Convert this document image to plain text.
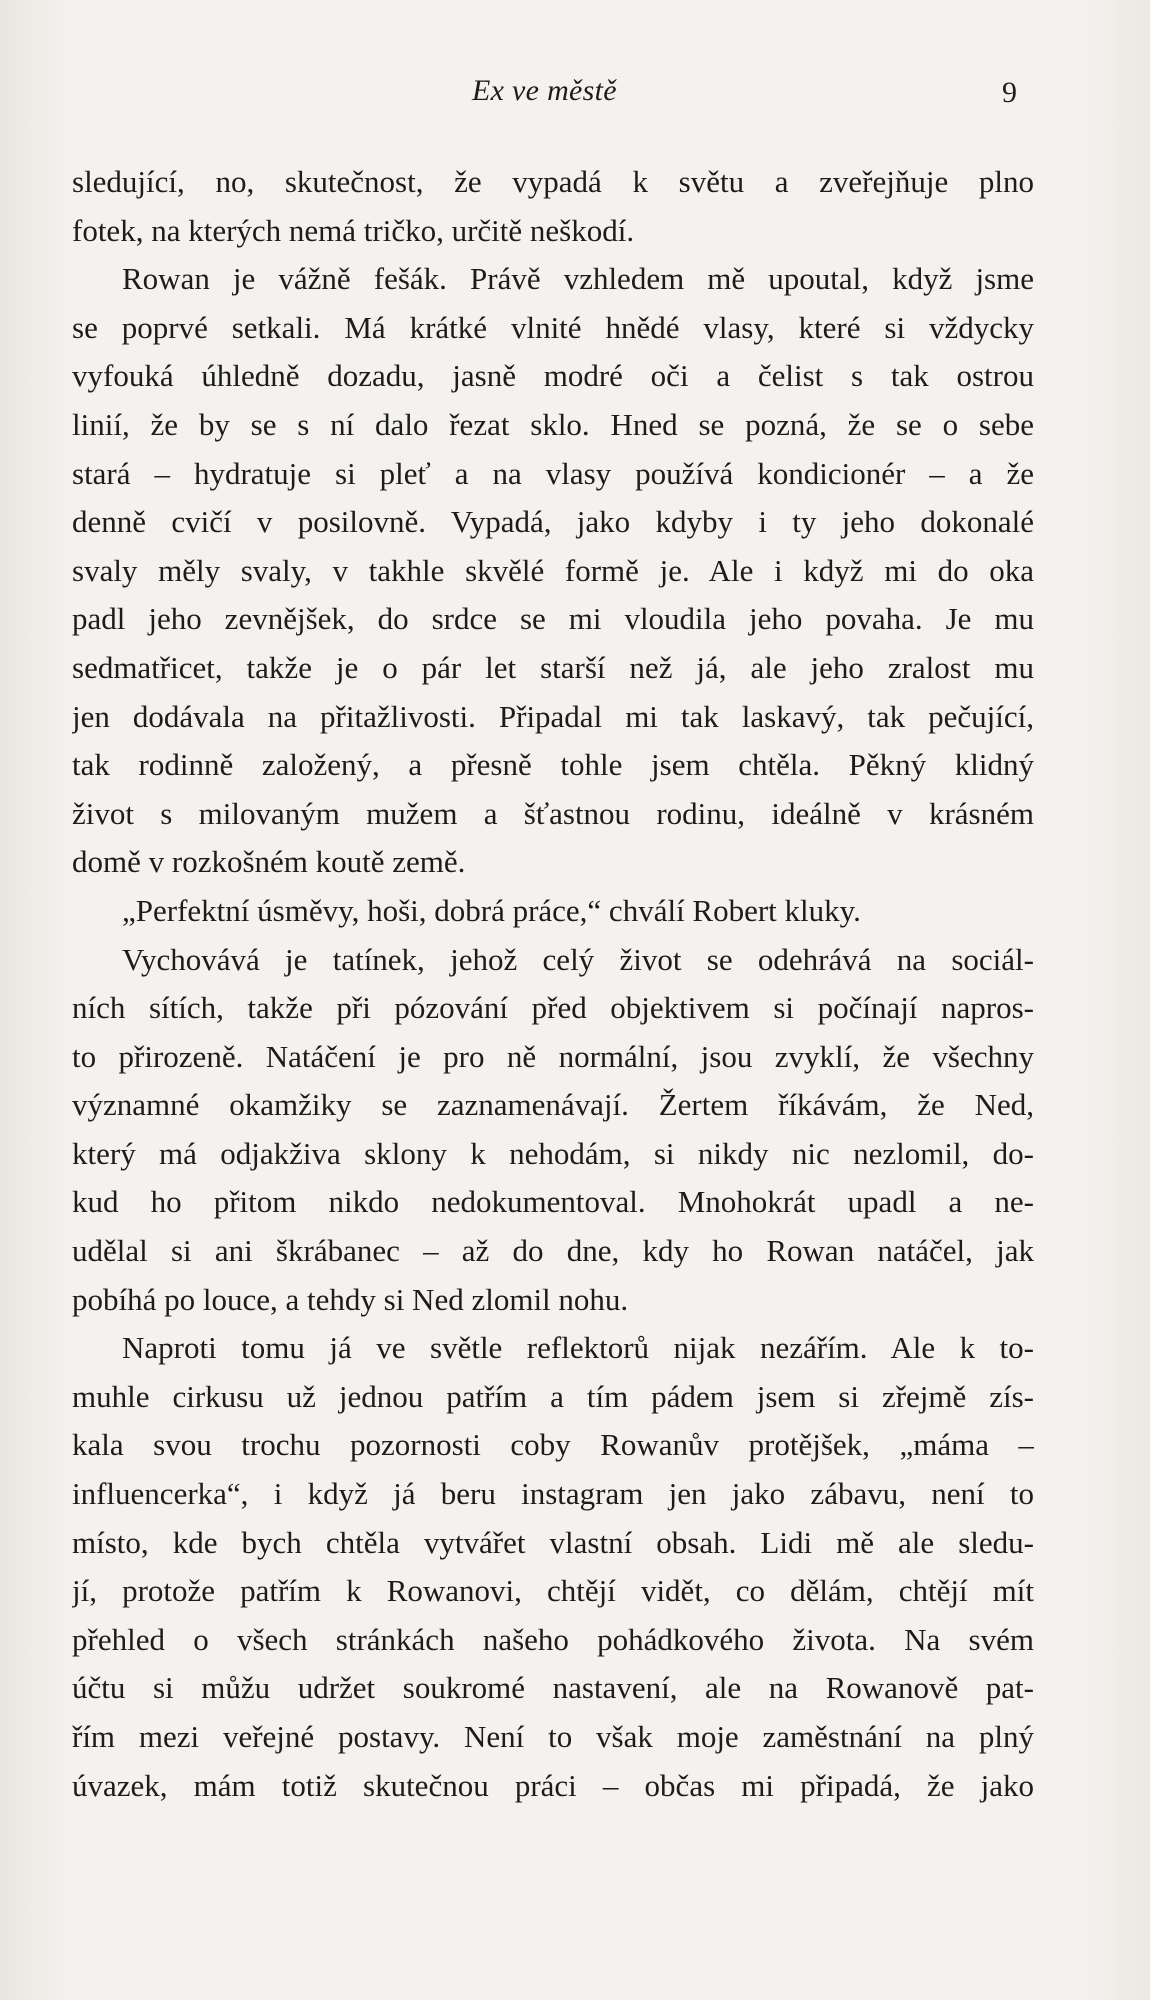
Ex ve městě	9
sledující, no, skutečnost, že vypadá k světu a zveřejňuje plno
fotek, na kterých nemá tričko, určitě neškodí.
Rowan je vážně fešák. Právě vzhledem mě upoutal, když jsme
se poprvé setkali. Má krátké vlnité hnědé vlasy, které si vždycky
vyfouká úhledně dozadu, jasně modré oči a čelist s tak ostrou
linií, že by se s ní dalo řezat sklo. Hned se pozná, že se o sebe
stará – hydratuje si pleť a na vlasy používá kondicionér – a že
denně cvičí v posilovně. Vypadá, jako kdyby i ty jeho dokonalé
svaly měly svaly, v takhle skvělé formě je. Ale i když mi do oka
padl jeho zevnějšek, do srdce se mi vloudila jeho povaha. Je mu
sedmatřicet, takže je o pár let starší než já, ale jeho zralost mu
jen dodávala na přitažlivosti. Připadal mi tak laskavý, tak pečující,
tak rodinně založený, a přesně tohle jsem chtěla. Pěkný klidný
život s milovaným mužem a šťastnou rodinu, ideálně v krásném
domě v rozkošném koutě země.
„Perfektní úsměvy, hoši, dobrá práce,“ chválí Robert kluky.
Vychovává je tatínek, jehož celý život se odehrává na sociál-
ních sítích, takže při pózování před objektivem si počínají napros-
to přirozeně. Natáčení je pro ně normální, jsou zvyklí, že všechny
významné okamžiky se zaznamenávají. Žertem říkávám, že Ned,
který má odjakživa sklony k nehodám, si nikdy nic nezlomil, do-
kud ho přitom nikdo nedokumentoval. Mnohokrát upadl a ne-
udělal si ani škrábanec – až do dne, kdy ho Rowan natáčel, jak
pobíhá po louce, a tehdy si Ned zlomil nohu.
Naproti tomu já ve světle reflektorů nijak nezářím. Ale k to-
muhle cirkusu už jednou patřím a tím pádem jsem si zřejmě zís-
kala svou trochu pozornosti coby Rowanův protějšek, „máma –
influencerka“, i když já beru instagram jen jako zábavu, není to
místo, kde bych chtěla vytvářet vlastní obsah. Lidi mě ale sledu-
jí, protože patřím k Rowanovi, chtějí vidět, co dělám, chtějí mít
přehled o všech stránkách našeho pohádkového života. Na svém
účtu si můžu udržet soukromé nastavení, ale na Rowanově pat-
řím mezi veřejné postavy. Není to však moje zaměstnání na plný
úvazek, mám totiž skutečnou práci – občas mi připadá, že jako
